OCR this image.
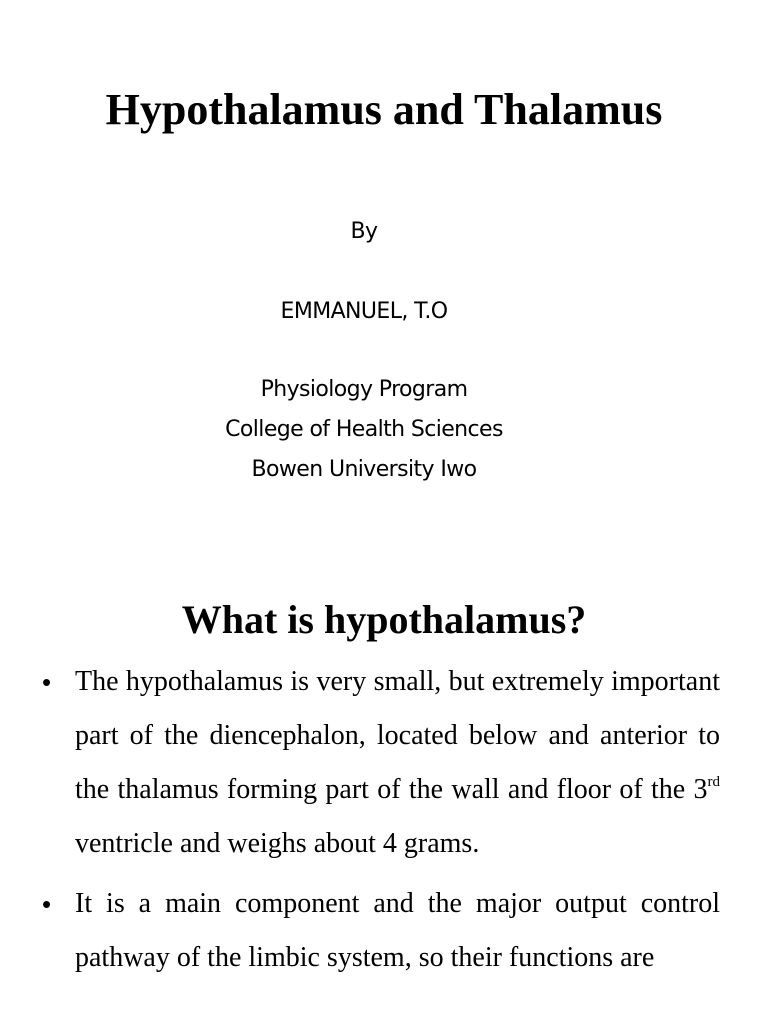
Hypothalamus and Thalamus
By
EMMANUEL, T.O
Physiology Program
College of Health Sciences
Bowen University Iwo
What is hypothalamus?
• The hypothalamus is very small, but extremely important part of the diencephalon, located below and anterior to the thalamus forming part of the wall and floor of the 3rd ventricle and weighs about 4 grams.
• It is a main component and the major output control pathway of the limbic system, so their functions are
